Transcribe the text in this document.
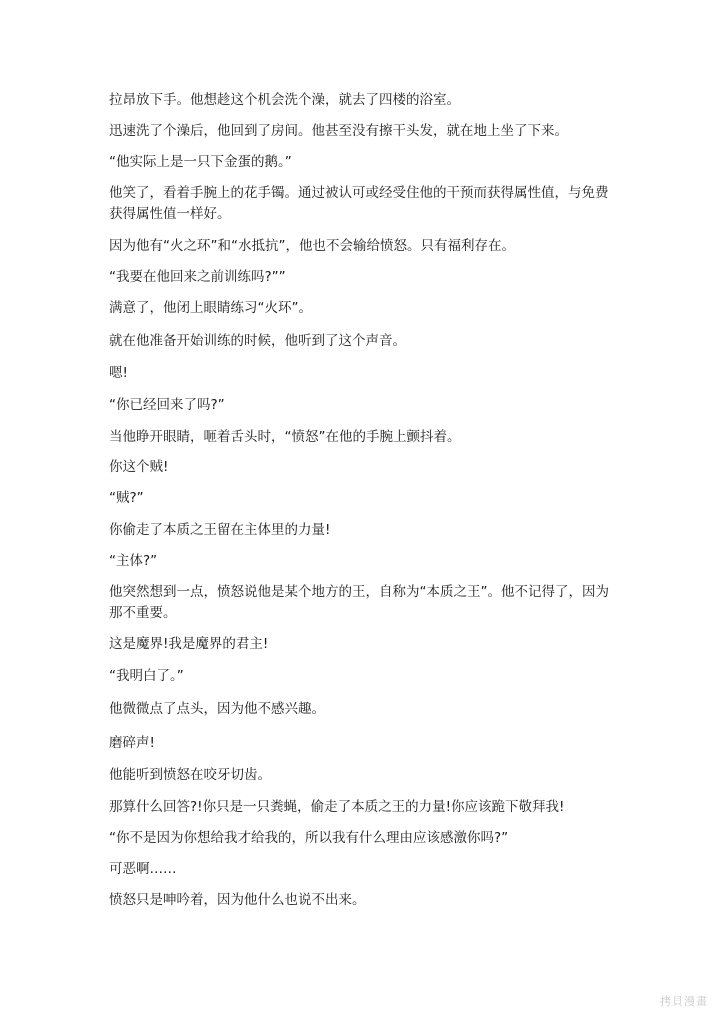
拉昂放下手。他想趁这个机会洗个澡，就去了四楼的浴室。

迅速洗了个澡后，他回到了房间。他甚至没有擦干头发，就在地上坐了下来。

“他实际上是一只下金蛋的鹅。”

他笑了，看着手腕上的花手镯。通过被认可或经受住他的干预而获得属性值，与免费获得属性值一样好。

因为他有“火之环”和“水抵抗”，他也不会输给愤怒。只有福利存在。

“我要在他回来之前训练吗?””

满意了，他闭上眼睛练习“火环”。

就在他准备开始训练的时候，他听到了这个声音。

嗯!

“你已经回来了吗?”

当他睁开眼睛，咂着舌头时，“愤怒”在他的手腕上颤抖着。

你这个贼!

“贼?”

你偷走了本质之王留在主体里的力量!

“主体?”

他突然想到一点，愤怒说他是某个地方的王，自称为“本质之王”。他不记得了，因为那不重要。

这是魔界!我是魔界的君主!

“我明白了。”

他微微点了点头，因为他不感兴趣。

磨碎声!

他能听到愤怒在咬牙切齿。

那算什么回答?!你只是一只粪蝇，偷走了本质之王的力量!你应该跪下敬拜我!

“你不是因为你想给我才给我的，所以我有什么理由应该感激你吗?”

可恶啊……

愤怒只是呻吟着，因为他什么也说不出来。

拷貝漫畫
